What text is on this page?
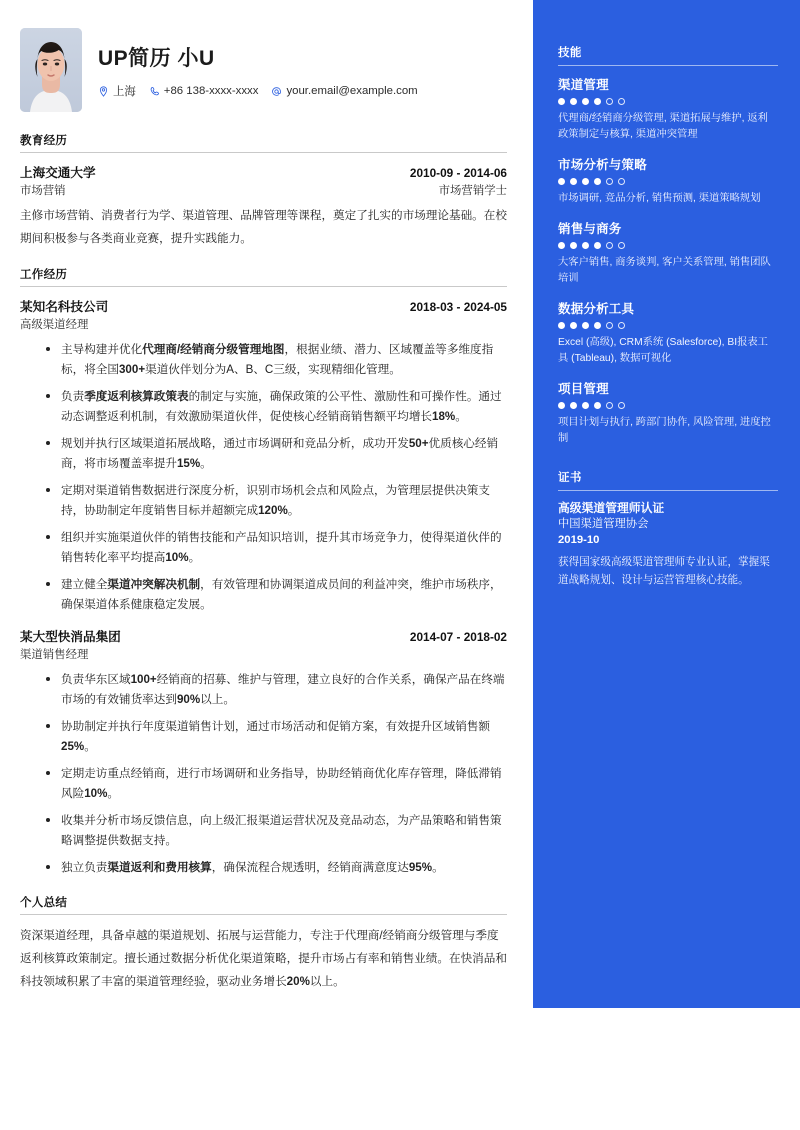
UP简历 小U
上海 +86 138-xxxx-xxxx your.email@example.com
教育经历
上海交通大学	2010-09 - 2014-06
市场营销	市场营销学士
主修市场营销、消费者行为学、渠道管理、品牌管理等课程，奠定了扎实的市场理论基础。在校期间积极参与各类商业竞赛，提升实践能力。
工作经历
某知名科技公司	2018-03 - 2024-05
高级渠道经理
主导构建并优化代理商/经销商分级管理地图，根据业绩、潜力、区域覆盖等多维度指标，将全国300+渠道伙伴划分为A、B、C三级，实现精细化管理。
负责季度返利核算政策表的制定与实施，确保政策的公平性、激励性和可操作性。通过动态调整返利机制，有效激励渠道伙伴，促使核心经销商销售额平均增长18%。
规划并执行区域渠道拓展战略，通过市场调研和竞品分析，成功开发50+优质核心经销商，将市场覆盖率提升15%。
定期对渠道销售数据进行深度分析，识别市场机会点和风险点，为管理层提供决策支持，协助制定年度销售目标并超额完成120%。
组织并实施渠道伙伴的销售技能和产品知识培训，提升其市场竞争力，使得渠道伙伴的销售转化率平均提高10%。
建立健全渠道冲突解决机制，有效管理和协调渠道成员间的利益冲突，维护市场秩序，确保渠道体系健康稳定发展。
某大型快消品集团	2014-07 - 2018-02
渠道销售经理
负责华东区域100+经销商的招募、维护与管理，建立良好的合作关系，确保产品在终端市场的有效铺货率达到90%以上。
协助制定并执行年度渠道销售计划，通过市场活动和促销方案，有效提升区域销售额25%。
定期走访重点经销商，进行市场调研和业务指导，协助经销商优化库存管理，降低滞销风险10%。
收集并分析市场反馈信息，向上级汇报渠道运营状况及竞品动态，为产品策略和销售策略调整提供数据支持。
独立负责渠道返利和费用核算，确保流程合规透明，经销商满意度达95%。
个人总结
资深渠道经理，具备卓越的渠道规划、拓展与运营能力，专注于代理商/经销商分级管理与季度返利核算政策制定。擅长通过数据分析优化渠道策略，提升市场占有率和销售业绩。在快消品和科技领域积累了丰富的渠道管理经验，驱动业务增长20%以上。
技能
渠道管理
代理商/经销商分级管理, 渠道拓展与维护, 返利政策制定与核算, 渠道冲突管理
市场分析与策略
市场调研, 竞品分析, 销售预测, 渠道策略规划
销售与商务
大客户销售, 商务谈判, 客户关系管理, 销售团队培训
数据分析工具
Excel (高级), CRM系统 (Salesforce), BI报表工具 (Tableau), 数据可视化
项目管理
项目计划与执行, 跨部门协作, 风险管理, 进度控制
证书
高级渠道管理师认证
中国渠道管理协会
2019-10
获得国家级高级渠道管理师专业认证，掌握渠道战略规划、设计与运营管理核心技能。
